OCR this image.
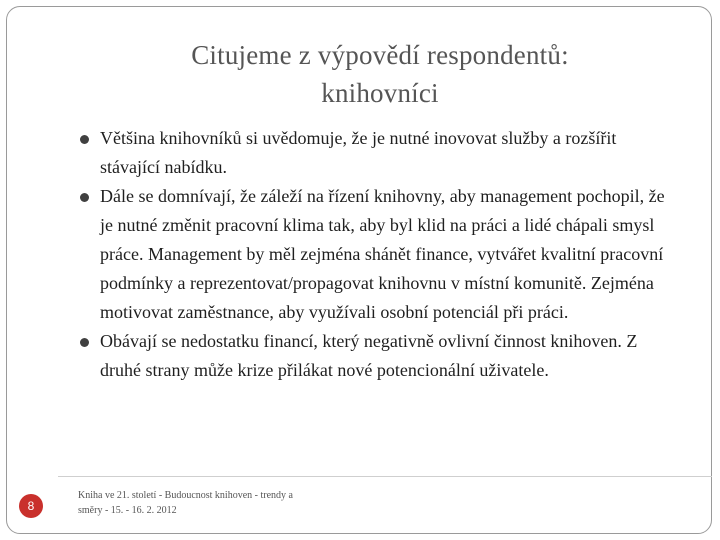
Citujeme z výpovědí respondentů:
knihovníci
Většina knihovníků si uvědomuje, že je nutné inovovat služby a rozšířit stávající nabídku.
Dále se domnívají, že záleží na řízení knihovny, aby management pochopil, že je nutné změnit pracovní klima tak, aby byl klid na práci a lidé chápali smysl práce. Management by měl zejména shánět finance, vytvářet kvalitní pracovní podmínky a reprezentovat/propagovat knihovnu v místní komunitě. Zejména motivovat zaměstnance, aby využívali osobní potenciál při práci.
Obávají se nedostatku financí, který negativně ovlivní činnost knihoven. Z druhé strany může krize přilákat nové potencionální uživatele.
8
Kniha ve 21. století - Budoucnost knihoven - trendy a
směry - 15. - 16. 2. 2012
